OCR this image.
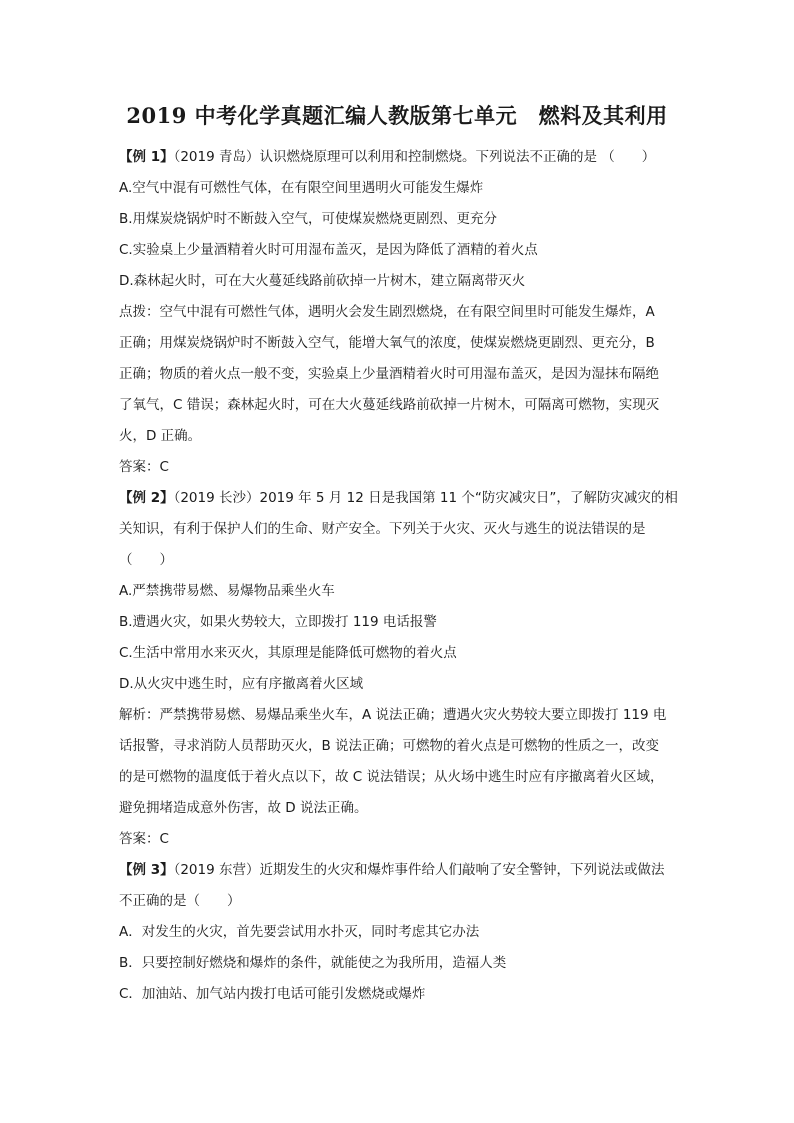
2019 中考化学真题汇编人教版第七单元　燃料及其利用

【例 1】（2019 青岛）认识燃烧原理可以利用和控制燃烧。下列说法不正确的是 （　　）

A.空气中混有可燃性气体，在有限空间里遇明火可能发生爆炸

B.用煤炭烧锅炉时不断鼓入空气，可使煤炭燃烧更剧烈、更充分

C.实验桌上少量酒精着火时可用湿布盖灭，是因为降低了酒精的着火点

D.森林起火时，可在大火蔓延线路前砍掉一片树木，建立隔离带灭火

点拨：空气中混有可燃性气体，遇明火会发生剧烈燃烧，在有限空间里时可能发生爆炸，A

正确；用煤炭烧锅炉时不断鼓入空气，能增大氧气的浓度，使煤炭燃烧更剧烈、更充分，B

正确；物质的着火点一般不变，实验桌上少量酒精着火时可用湿布盖灭，是因为湿抹布隔绝

了氧气，C 错误；森林起火时，可在大火蔓延线路前砍掉一片树木，可隔离可燃物，实现灭

火，D 正确。

答案：C

【例 2】（2019 长沙）2019 年 5 月 12 日是我国第 11 个“防灾减灾日”，了解防灾减灾的相

关知识，有利于保护人们的生命、财产安全。下列关于火灾、灭火与逃生的说法错误的是

（　　）

A.严禁携带易燃、易爆物品乘坐火车

B.遭遇火灾，如果火势较大，立即拨打 119 电话报警

C.生活中常用水来灭火，其原理是能降低可燃物的着火点

D.从火灾中逃生时，应有序撤离着火区域

解析：严禁携带易燃、易爆品乘坐火车，A 说法正确；遭遇火灾火势较大要立即拨打 119 电

话报警，寻求消防人员帮助灭火，B 说法正确；可燃物的着火点是可燃物的性质之一，改变

的是可燃物的温度低于着火点以下，故 C 说法错误；从火场中逃生时应有序撤离着火区域，

避免拥堵造成意外伤害，故 D 说法正确。

答案：C

【例 3】（2019 东营）近期发生的火灾和爆炸事件给人们敲响了安全警钟，下列说法或做法

不正确的是（　　）

A．对发生的火灾，首先要尝试用水扑灭，同时考虑其它办法

B．只要控制好燃烧和爆炸的条件，就能使之为我所用，造福人类

C．加油站、加气站内拨打电话可能引发燃烧或爆炸
